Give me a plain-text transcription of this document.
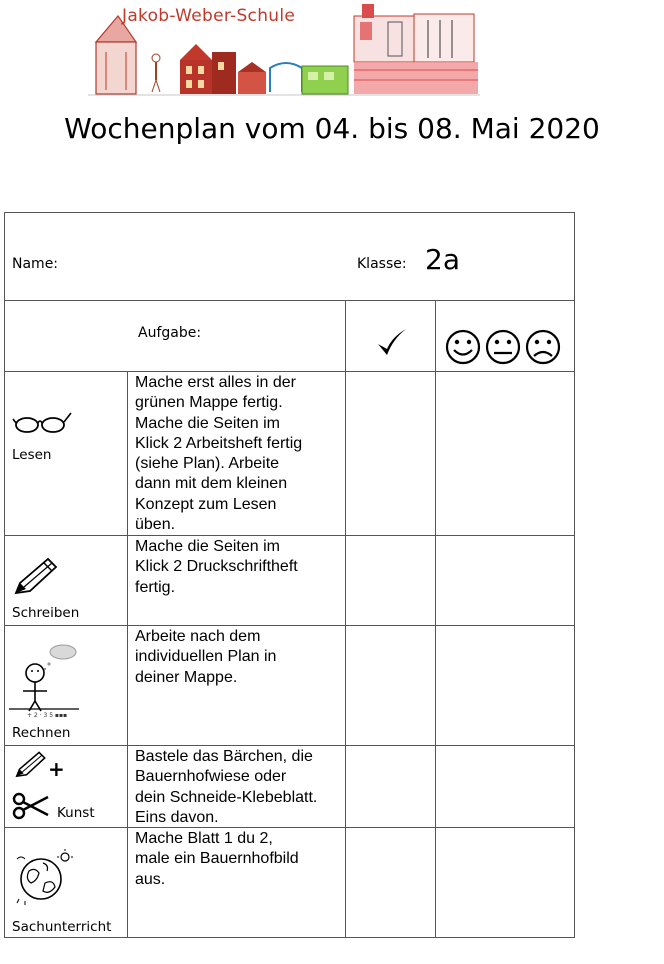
Jakob-Weber-Schule
Wochenplan vom 04. bis 08. Mai 2020
Name:	Klasse: 2a
Aufgabe:
Lesen
Mache erst alles in der
grünen Mappe fertig.
Mache die Seiten im
Klick 2 Arbeitsheft fertig
(siehe Plan). Arbeite
dann mit dem kleinen
Konzept zum Lesen
üben.
Schreiben
Mache die Seiten im
Klick 2 Druckschriftheft
fertig.
+ 2 · 3 5 ▪▪▪
Rechnen
Arbeite nach dem
individuellen Plan in
deiner Mappe.
+
Kunst
Bastele das Bärchen, die
Bauernhofwiese oder
dein Schneide-Klebeblatt.
Eins davon.
Sachunterricht
Mache Blatt 1 du 2,
male ein Bauernhofbild
aus.
